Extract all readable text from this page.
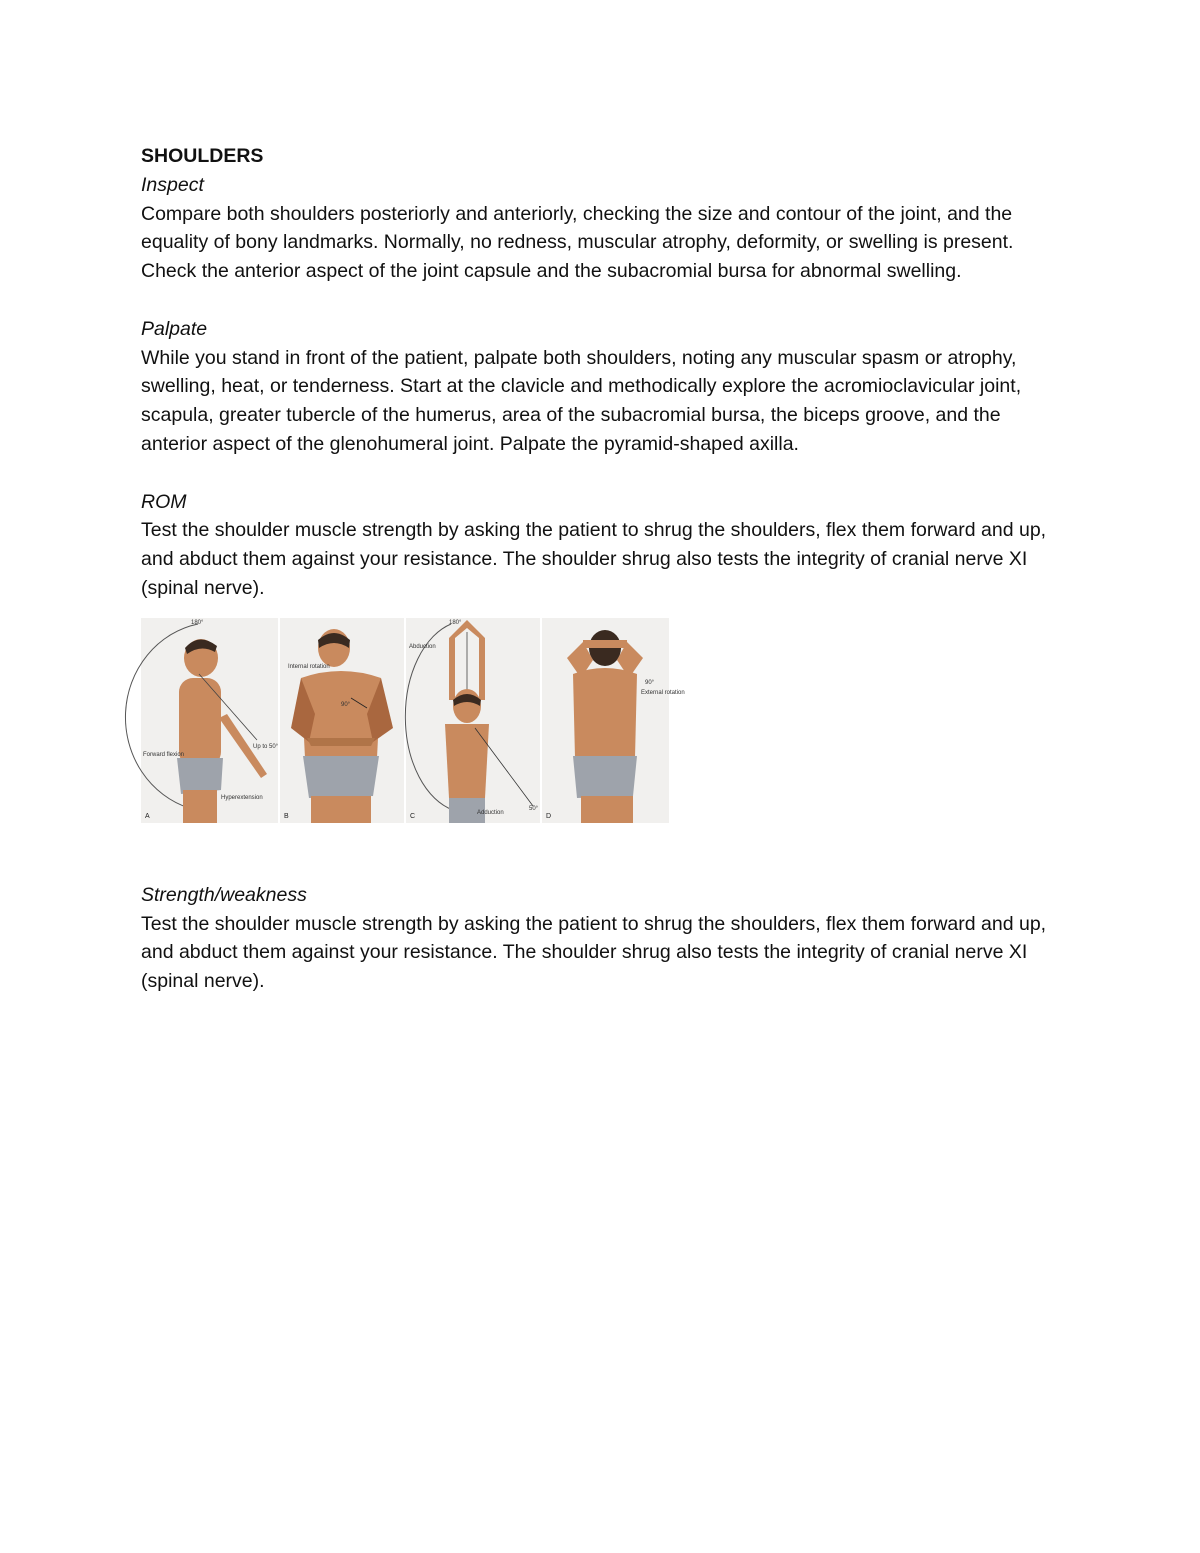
SHOULDERS

Inspect

Compare both shoulders posteriorly and anteriorly, checking the size and contour of the joint, and the equality of bony landmarks. Normally, no redness, muscular atrophy, deformity, or swelling is present. Check the anterior aspect of the joint capsule and the subacromial bursa for abnormal swelling.

Palpate

While you stand in front of the patient, palpate both shoulders, noting any muscular spasm or atrophy, swelling, heat, or tenderness. Start at the clavicle and methodically explore the acromioclavicular joint, scapula, greater tubercle of the humerus, area of the subacromial bursa, the biceps groove, and the anterior aspect of the glenohumeral joint. Palpate the pyramid-shaped axilla.

ROM

Test the shoulder muscle strength by asking the patient to shrug the shoulders, flex them forward and up, and abduct them against your resistance. The shoulder shrug also tests the integrity of cranial nerve XI (spinal nerve).

180°
Forward flexion
Up to 50°
Hyperextension
A
Internal rotation
90°
B
180°
Abduction
Adduction
50°
C
90°
External rotation
D

Strength/weakness

Test the shoulder muscle strength by asking the patient to shrug the shoulders, flex them forward and up, and abduct them against your resistance. The shoulder shrug also tests the integrity of cranial nerve XI (spinal nerve).
